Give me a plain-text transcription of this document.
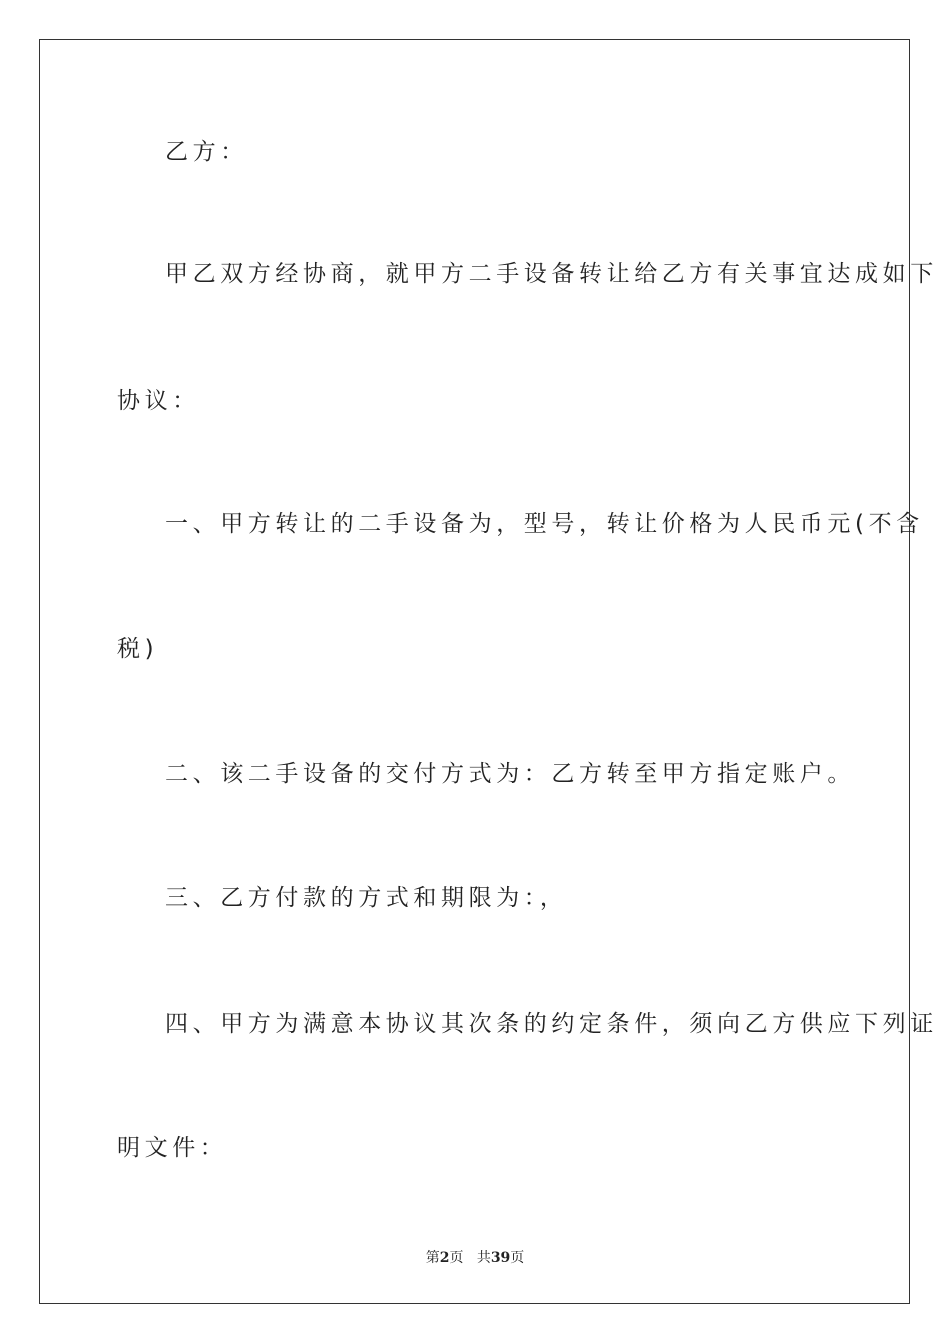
乙方：
甲乙双方经协商，就甲方二手设备转让给乙方有关事宜达成如下
协议：
一、甲方转让的二手设备为，型号，转让价格为人民币元(不含
税)
二、该二手设备的交付方式为：乙方转至甲方指定账户。
三、乙方付款的方式和期限为：，
四、甲方为满意本协议其次条的约定条件，须向乙方供应下列证
明文件：
第2页 共39页
